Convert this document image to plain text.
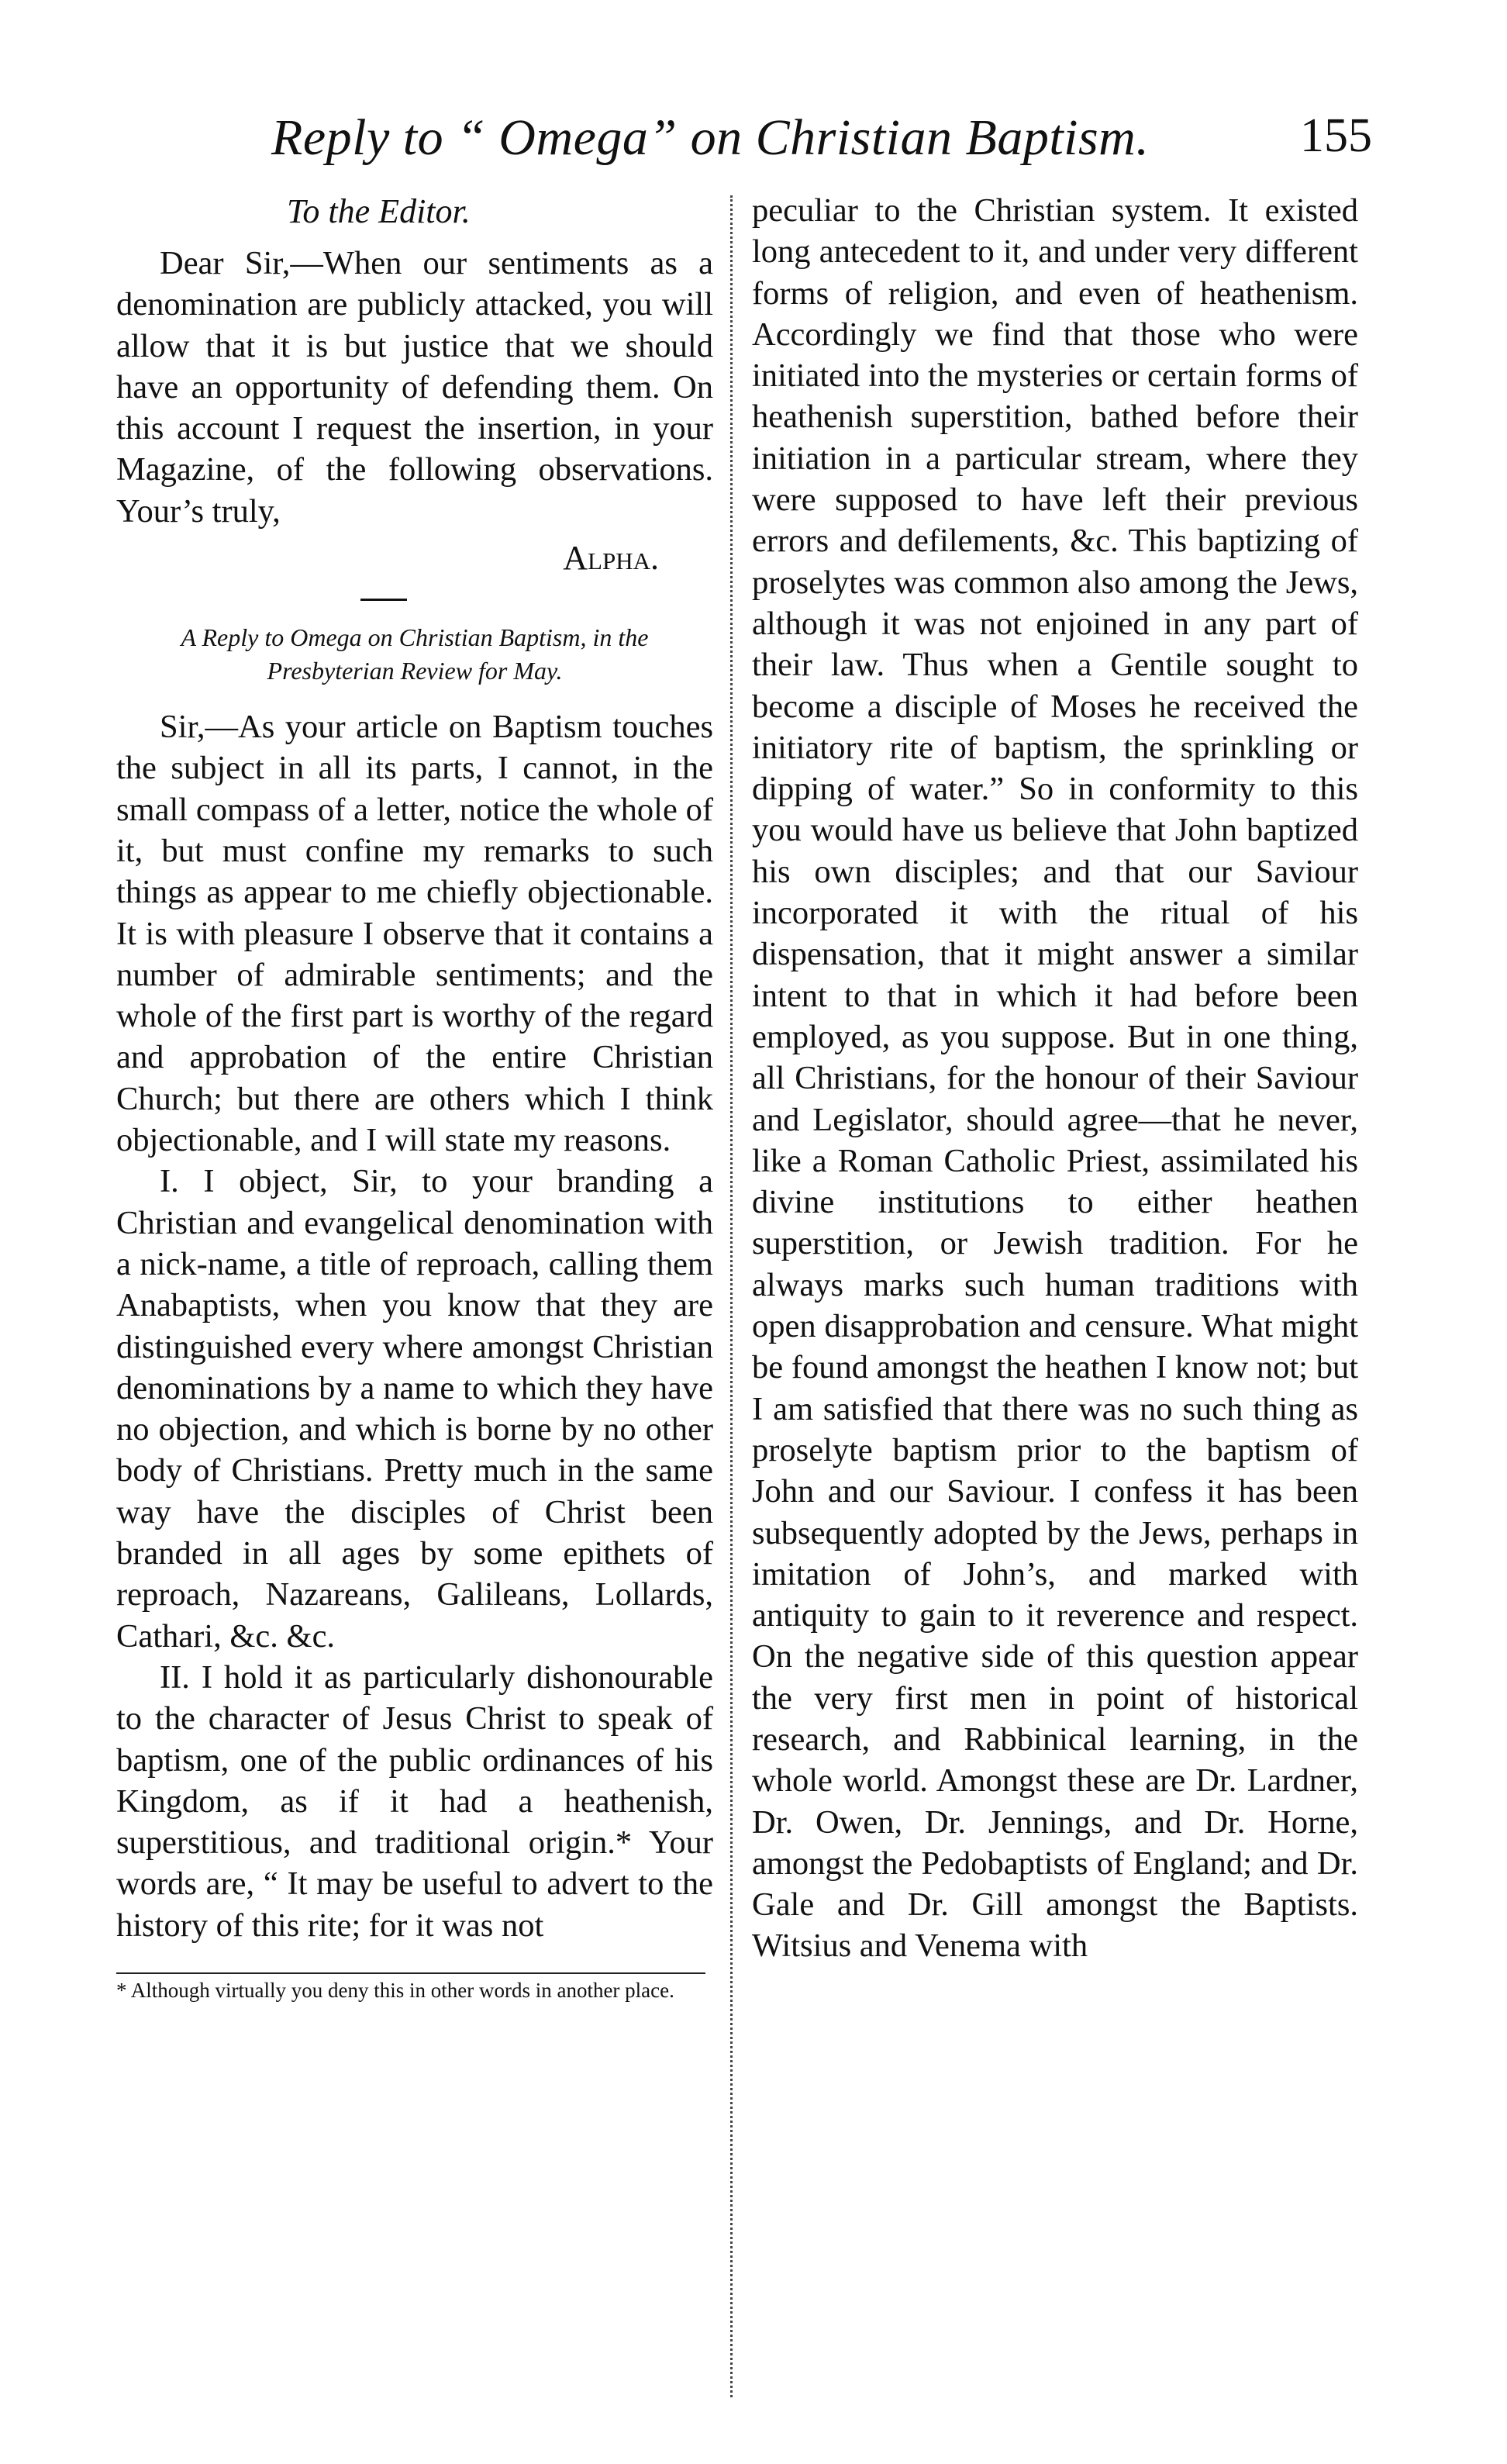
Reply to “ Omega” on Christian Baptism.	155

To the Editor.

Dear Sir,—When our sentiments as a denomination are publicly attacked, you will allow that it is but justice that we should have an opportunity of defending them. On this account I request the insertion, in your Magazine, of the following observations. Your’s truly,

Alpha.

A Reply to Omega on Christian Baptism, in the Presbyterian Review for May.

Sir,—As your article on Baptism touches the subject in all its parts, I cannot, in the small compass of a letter, notice the whole of it, but must confine my remarks to such things as appear to me chiefly objectionable. It is with pleasure I observe that it contains a number of admirable sentiments; and the whole of the first part is worthy of the regard and approbation of the entire Christian Church; but there are others which I think objectionable, and I will state my reasons.

I. I object, Sir, to your branding a Christian and evangelical denomination with a nick-name, a title of reproach, calling them Anabaptists, when you know that they are distinguished every where amongst Christian denominations by a name to which they have no objection, and which is borne by no other body of Christians. Pretty much in the same way have the disciples of Christ been branded in all ages by some epithets of reproach, Nazareans, Galileans, Lollards, Cathari, &c. &c.

II. I hold it as particularly dishonourable to the character of Jesus Christ to speak of baptism, one of the public ordinances of his Kingdom, as if it had a heathenish, superstitious, and traditional origin.* Your words are, “ It may be useful to advert to the history of this rite; for it was not

* Although virtually you deny this in other words in another place.

peculiar to the Christian system. It existed long antecedent to it, and under very different forms of religion, and even of heathenism. Accordingly we find that those who were initiated into the mysteries or certain forms of heathenish superstition, bathed before their initiation in a particular stream, where they were supposed to have left their previous errors and defilements, &c. This baptizing of proselytes was common also among the Jews, although it was not enjoined in any part of their law. Thus when a Gentile sought to become a disciple of Moses he received the initiatory rite of baptism, the sprinkling or dipping of water.” So in conformity to this you would have us believe that John baptized his own disciples; and that our Saviour incorporated it with the ritual of his dispensation, that it might answer a similar intent to that in which it had before been employed, as you suppose. But in one thing, all Christians, for the honour of their Saviour and Legislator, should agree—that he never, like a Roman Catholic Priest, assimilated his divine institutions to either heathen superstition, or Jewish tradition. For he always marks such human traditions with open disapprobation and censure. What might be found amongst the heathen I know not; but I am satisfied that there was no such thing as proselyte baptism prior to the baptism of John and our Saviour. I confess it has been subsequently adopted by the Jews, perhaps in imitation of John’s, and marked with antiquity to gain to it reverence and respect. On the negative side of this question appear the very first men in point of historical research, and Rabbinical learning, in the whole world. Amongst these are Dr. Lardner, Dr. Owen, Dr. Jennings, and Dr. Horne, amongst the Pedobaptists of England; and Dr. Gale and Dr. Gill amongst the Baptists. Witsius and Venema with
